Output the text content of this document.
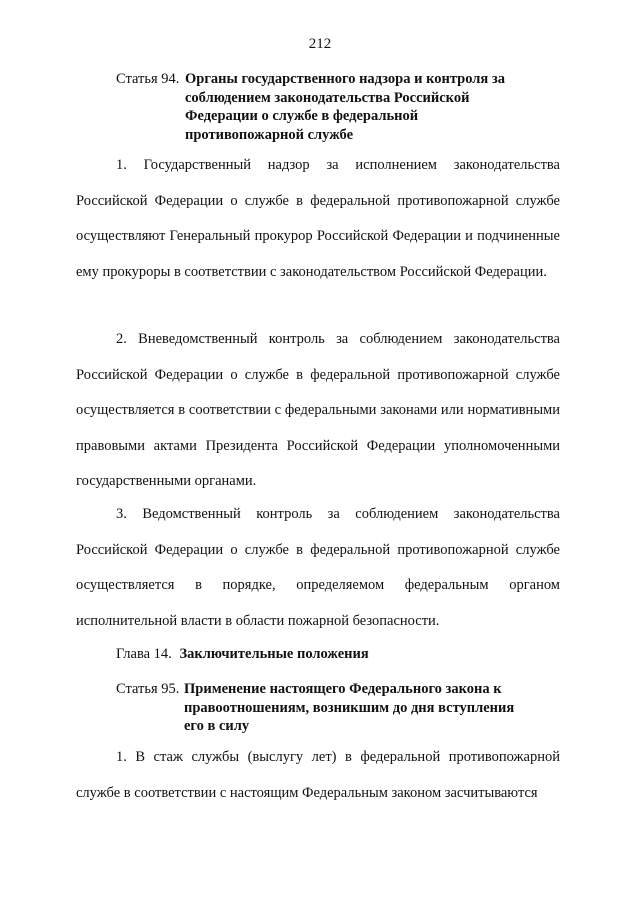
212
Статья 94. Органы государственного надзора и контроля за
соблюдением законодательства Российской
Федерации о службе в федеральной
противопожарной службе

1. Государственный надзор за исполнением законодательства Российской Федерации о службе в федеральной противопожарной службе осуществляют Генеральный прокурор Российской Федерации и подчиненные ему прокуроры в соответствии с законодательством Российской Федерации.

2. Вневедомственный контроль за соблюдением законодательства Российской Федерации о службе в федеральной противопожарной службе осуществляется в соответствии с федеральными законами или нормативными правовыми актами Президента Российской Федерации уполномоченными государственными органами.

3. Ведомственный контроль за соблюдением законодательства Российской Федерации о службе в федеральной противопожарной службе осуществляется в порядке, определяемом федеральным органом исполнительной власти в области пожарной безопасности.

Глава 14. Заключительные положения
Статья 95. Применение настоящего Федерального закона к
правоотношениям, возникшим до дня вступления
его в силу

1. В стаж службы (выслугу лет) в федеральной противопожарной службе в соответствии с настоящим Федеральным законом засчитываются
